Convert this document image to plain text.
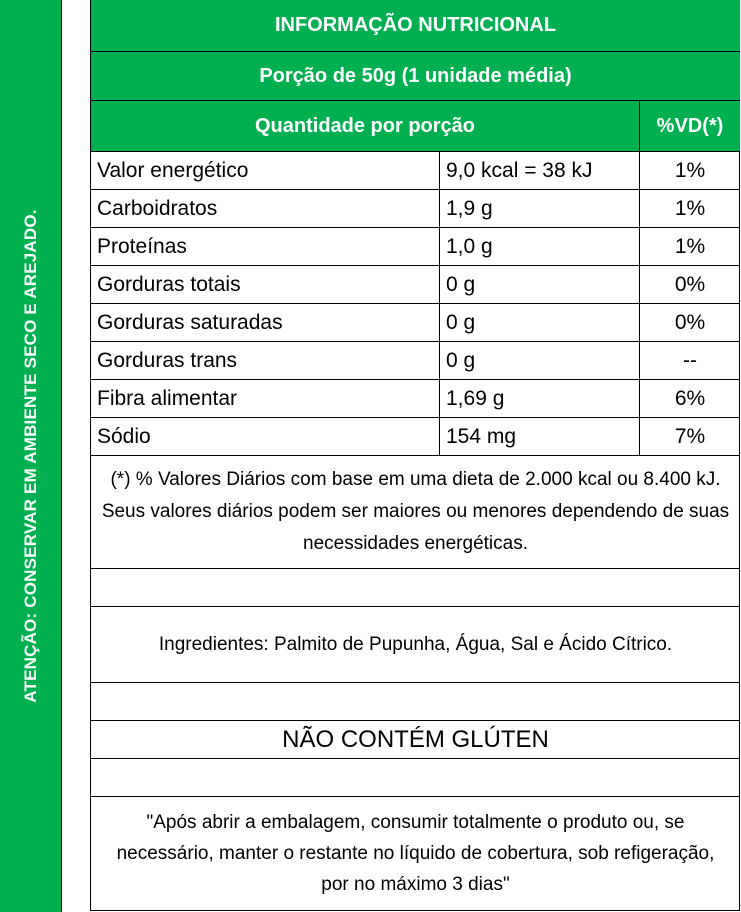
ATENÇÃO: CONSERVAR EM AMBIENTE SECO E AREJADO.
INFORMAÇÃO NUTRICIONAL
Porção de 50g (1 unidade média)
Quantidade por porção	%VD(*)
Valor energético	9,0 kcal = 38 kJ	1%
Carboidratos	1,9 g	1%
Proteínas	1,0 g	1%
Gorduras totais	0 g	0%
Gorduras saturadas	0 g	0%
Gorduras trans	0 g	--
Fibra alimentar	1,69 g	6%
Sódio	154 mg	7%
(*) % Valores Diários com base em uma dieta de 2.000 kcal ou 8.400 kJ. Seus valores diários podem ser maiores ou menores dependendo de suas necessidades energéticas.
Ingredientes: Palmito de Pupunha, Água, Sal e Ácido Cítrico.
NÃO CONTÉM GLÚTEN
"Após abrir a embalagem, consumir totalmente o produto ou, se necessário, manter o restante no líquido de cobertura, sob refigeração, por no máximo 3 dias"
